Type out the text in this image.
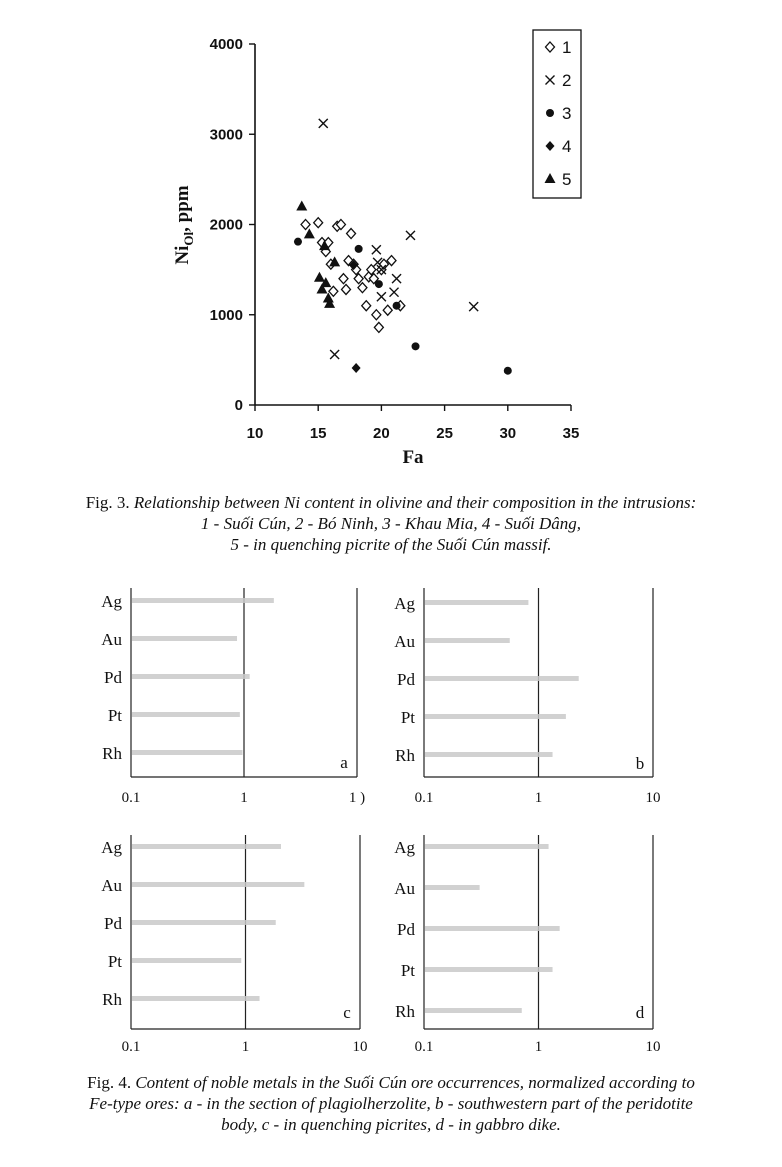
10	15	20	25	30	35
0
1000
2000
3000
4000
Fa
$Ni_{Ol}$, ppm
1
2
3
4
5
Fig. 3. Relationship between Ni content in olivine and their composition in the intrusions:
1 - Suối Cún, 2 - Bó Ninh, 3 - Khau Mia, 4 - Suối Dâng,
5 - in quenching picrite of the Suối Cún massif.
Ag
Au
Pd
Pt
Rh	a
0.1	1	1 )
Ag
Au
Pd
Pt
Rh	b
0.1	1	10
Ag
Au
Pd
Pt
Rh
c
0.1	1	10
Ag
Au
Pd
Pt
Rh	d
0.1	1	10
Fig. 4. Content of noble metals in the Suối Cún ore occurrences, normalized according to
Fe-type ores: a - in the section of plagiolherzolite, b - southwestern part of the peridotite
body, c - in quenching picrites, d - in gabbro dike.
